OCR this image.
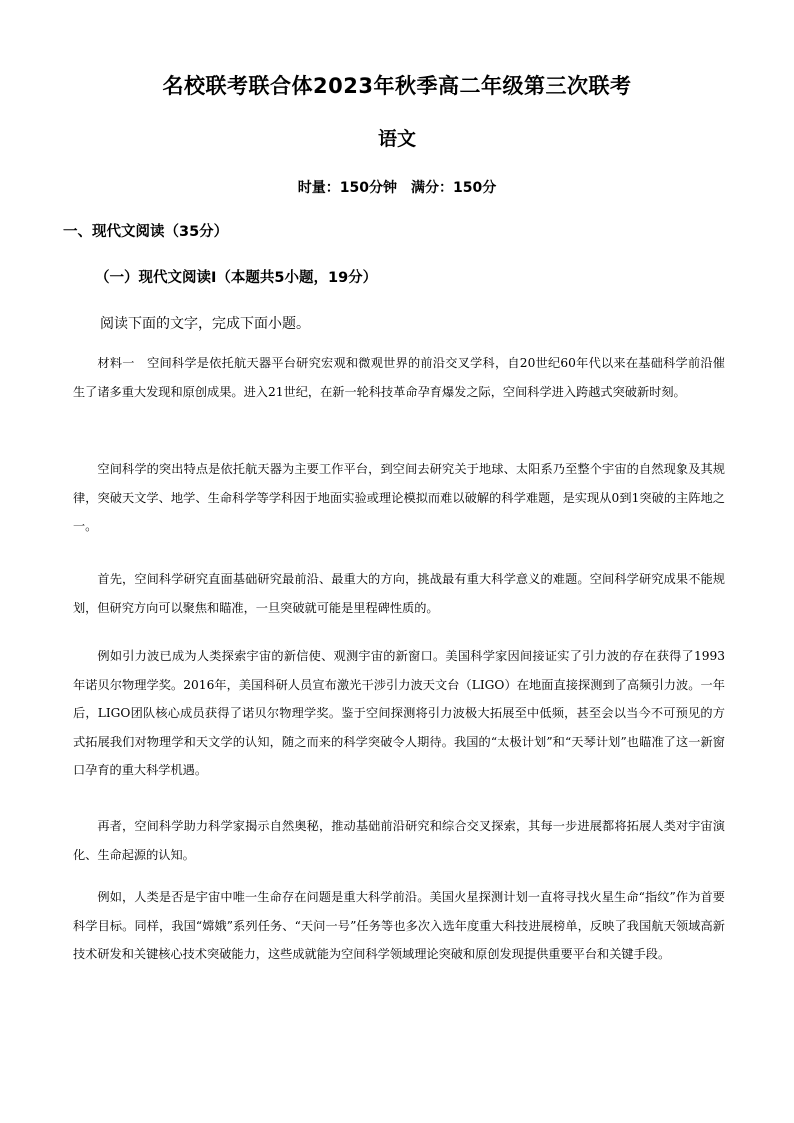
名校联考联合体2023年秋季高二年级第三次联考
语文
时量：150分钟　满分：150分
一、现代文阅读（35分）
（一）现代文阅读Ⅰ（本题共5小题，19分）
阅读下面的文字，完成下面小题。

材料一　空间科学是依托航天器平台研究宏观和微观世界的前沿交叉学科，自20世纪60年代以来在基础科学前沿催生了诸多重大发现和原创成果。进入21世纪，在新一轮科技革命孕育爆发之际，空间科学进入跨越式突破新时刻。

空间科学的突出特点是依托航天器为主要工作平台，到空间去研究关于地球、太阳系乃至整个宇宙的自然现象及其规律，突破天文学、地学、生命科学等学科因于地面实验或理论模拟而难以破解的科学难题，是实现从0到1突破的主阵地之一。

首先，空间科学研究直面基础研究最前沿、最重大的方向，挑战最有重大科学意义的难题。空间科学研究成果不能规划，但研究方向可以聚焦和瞄准，一旦突破就可能是里程碑性质的。

例如引力波已成为人类探索宇宙的新信使、观测宇宙的新窗口。美国科学家因间接证实了引力波的存在获得了1993年诺贝尔物理学奖。2016年，美国科研人员宣布激光干涉引力波天文台（LIGO）在地面直接探测到了高频引力波。一年后，LIGO团队核心成员获得了诺贝尔物理学奖。鉴于空间探测将引力波极大拓展至中低频，甚至会以当今不可预见的方式拓展我们对物理学和天文学的认知，随之而来的科学突破令人期待。我国的“太极计划”和“天琴计划”也瞄准了这一新窗口孕育的重大科学机遇。

再者，空间科学助力科学家揭示自然奥秘，推动基础前沿研究和综合交叉探索，其每一步进展都将拓展人类对宇宙演化、生命起源的认知。

例如，人类是否是宇宙中唯一生命存在问题是重大科学前沿。美国火星探测计划一直将寻找火星生命“指纹”作为首要科学目标。同样，我国“嫦娥”系列任务、“天问一号”任务等也多次入选年度重大科技进展榜单，反映了我国航天领域高新技术研发和关键核心技术突破能力，这些成就能为空间科学领域理论突破和原创发现提供重要平台和关键手段。
